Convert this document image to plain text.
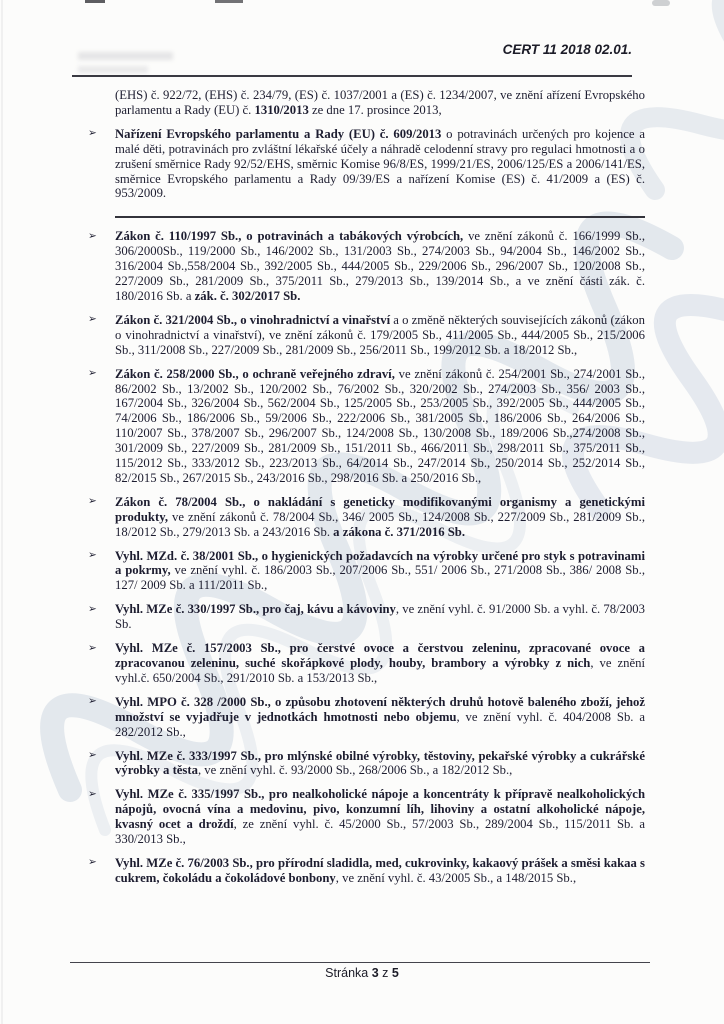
CERT 11 2018 02.01.
(EHS) č. 922/72, (EHS) č. 234/79, (ES) č. 1037/2001 a (ES) č. 1234/2007, ve znění ařízení Evropského parlamentu a Rady (EU) č. 1310/2013 ze dne 17. prosince 2013,
➢ Nařízení Evropského parlamentu a Rady (EU) č. 609/2013 o potravinách určených pro kojence a malé děti, potravinách pro zvláštní lékařské účely a náhradě celodenní stravy pro regulaci hmotnosti a o zrušení směrnice Rady 92/52/EHS, směrnic Komise 96/8/ES, 1999/21/ES, 2006/125/ES a 2006/141/ES, směrnice Evropského parlamentu a Rady 09/39/ES a nařízení Komise (ES) č. 41/2009 a (ES) č. 953/2009.
➢ Zákon č. 110/1997 Sb., o potravinách a tabákových výrobcích, ve znění zákonů č. 166/1999 Sb., 306/2000Sb., 119/2000 Sb., 146/2002 Sb., 131/2003 Sb., 274/2003 Sb., 94/2004 Sb., 146/2002 Sb., 316/2004 Sb.,558/2004 Sb., 392/2005 Sb., 444/2005 Sb., 229/2006 Sb., 296/2007 Sb., 120/2008 Sb., 227/2009 Sb., 281/2009 Sb., 375/2011 Sb., 279/2013 Sb., 139/2014 Sb., a ve znění části zák. č. 180/2016 Sb. a zák. č. 302/2017 Sb.
➢ Zákon č. 321/2004 Sb., o vinohradnictví a vinařství a o změně některých souvisejících zákonů (zákon o vinohradnictví a vinařství), ve znění zákonů č. 179/2005 Sb., 411/2005 Sb., 444/2005 Sb., 215/2006 Sb., 311/2008 Sb., 227/2009 Sb., 281/2009 Sb., 256/2011 Sb., 199/2012 Sb. a 18/2012 Sb.,
➢ Zákon č. 258/2000 Sb., o ochraně veřejného zdraví, ve znění zákonů č. 254/2001 Sb., 274/2001 Sb., 86/2002 Sb., 13/2002 Sb., 120/2002 Sb., 76/2002 Sb., 320/2002 Sb., 274/2003 Sb., 356/ 2003 Sb., 167/2004 Sb., 326/2004 Sb., 562/2004 Sb., 125/2005 Sb., 253/2005 Sb., 392/2005 Sb., 444/2005 Sb., 74/2006 Sb., 186/2006 Sb., 59/2006 Sb., 222/2006 Sb., 381/2005 Sb., 186/2006 Sb., 264/2006 Sb., 110/2007 Sb., 378/2007 Sb., 296/2007 Sb., 124/2008 Sb., 130/2008 Sb., 189/2006 Sb.,274/2008 Sb., 301/2009 Sb., 227/2009 Sb., 281/2009 Sb., 151/2011 Sb., 466/2011 Sb., 298/2011 Sb., 375/2011 Sb., 115/2012 Sb., 333/2012 Sb., 223/2013 Sb., 64/2014 Sb., 247/2014 Sb., 250/2014 Sb., 252/2014 Sb., 82/2015 Sb., 267/2015 Sb., 243/2016 Sb., 298/2016 Sb. a 250/2016 Sb.,
➢ Zákon č. 78/2004 Sb., o nakládání s geneticky modifikovanými organismy a genetickými produkty, ve znění zákonů č. 78/2004 Sb., 346/ 2005 Sb., 124/2008 Sb., 227/2009 Sb., 281/2009 Sb., 18/2012 Sb., 279/2013 Sb. a 243/2016 Sb. a zákona č. 371/2016 Sb.
➢ Vyhl. MZd. č. 38/2001 Sb., o hygienických požadavcích na výrobky určené pro styk s potravinami a pokrmy, ve znění vyhl. č. 186/2003 Sb., 207/2006 Sb., 551/ 2006 Sb., 271/2008 Sb., 386/ 2008 Sb., 127/ 2009 Sb. a 111/2011 Sb.,
➢ Vyhl. MZe č. 330/1997 Sb., pro čaj, kávu a kávoviny, ve znění vyhl. č. 91/2000 Sb. a vyhl. č. 78/2003 Sb.
➢ Vyhl. MZe č. 157/2003 Sb., pro čerstvé ovoce a čerstvou zeleninu, zpracované ovoce a zpracovanou zeleninu, suché skořápkové plody, houby, brambory a výrobky z nich, ve znění vyhl.č. 650/2004 Sb., 291/2010 Sb. a 153/2013 Sb.,
➢ Vyhl. MPO č. 328 /2000 Sb., o způsobu zhotovení některých druhů hotově baleného zboží, jehož množství se vyjadřuje v jednotkách hmotnosti nebo objemu, ve znění vyhl. č. 404/2008 Sb. a 282/2012 Sb.,
➢ Vyhl. MZe č. 333/1997 Sb., pro mlýnské obilné výrobky, těstoviny, pekařské výrobky a cukrářské výrobky a těsta, ve znění vyhl. č. 93/2000 Sb., 268/2006 Sb., a 182/2012 Sb.,
➢ Vyhl. MZe č. 335/1997 Sb., pro nealkoholické nápoje a koncentráty k přípravě nealkoholických nápojů, ovocná vína a medovinu, pivo, konzumní líh, lihoviny a ostatní alkoholické nápoje, kvasný ocet a droždí, ze znění vyhl. č. 45/2000 Sb., 57/2003 Sb., 289/2004 Sb., 115/2011 Sb. a 330/2013 Sb.,
➢ Vyhl. MZe č. 76/2003 Sb., pro přírodní sladidla, med, cukrovinky, kakaový prášek a směsi kakaa s cukrem, čokoládu a čokoládové bonbony, ve znění vyhl. č. 43/2005 Sb., a 148/2015 Sb.,
Stránka 3 z 5
